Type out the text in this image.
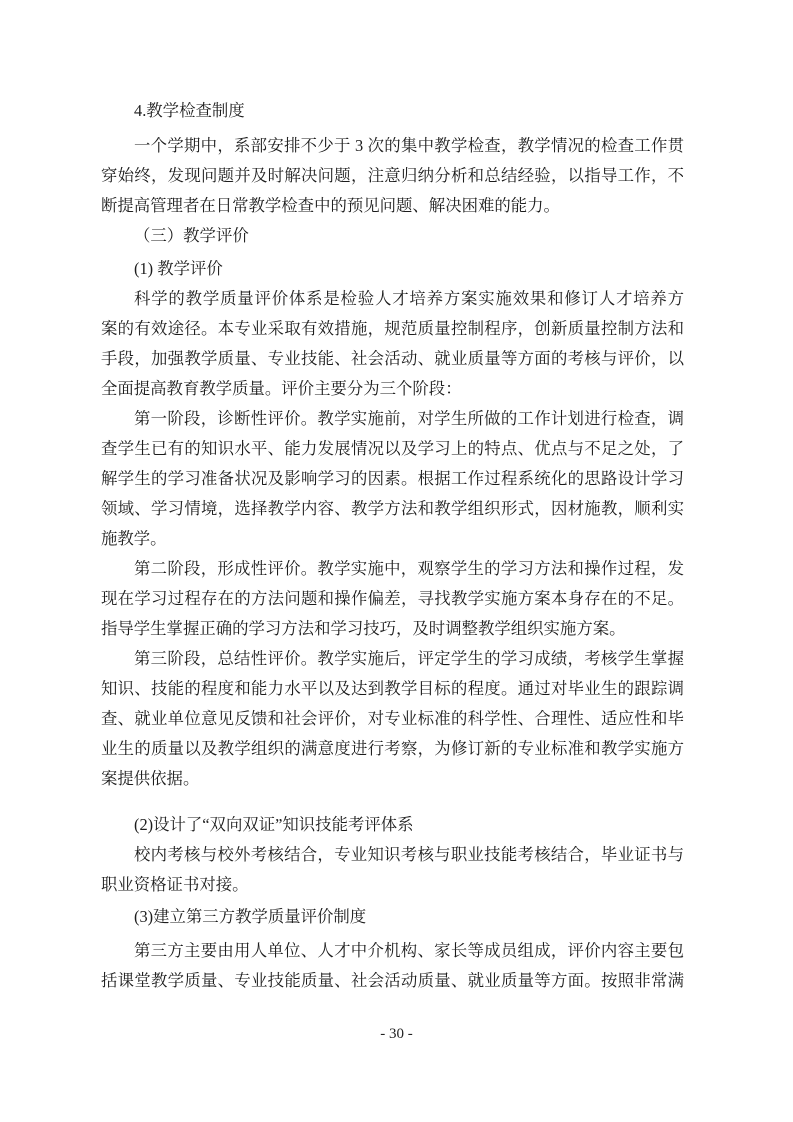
4.教学检查制度
一个学期中，系部安排不少于 3 次的集中教学检查，教学情况的检查工作贯
穿始终，发现问题并及时解决问题，注意归纳分析和总结经验，以指导工作，不
断提高管理者在日常教学检查中的预见问题、解决困难的能力。
（三）教学评价
(1) 教学评价
科学的教学质量评价体系是检验人才培养方案实施效果和修订人才培养方
案的有效途径。本专业采取有效措施，规范质量控制程序，创新质量控制方法和
手段，加强教学质量、专业技能、社会活动、就业质量等方面的考核与评价，以
全面提高教育教学质量。评价主要分为三个阶段：
第一阶段，诊断性评价。教学实施前，对学生所做的工作计划进行检查，调
查学生已有的知识水平、能力发展情况以及学习上的特点、优点与不足之处，了
解学生的学习准备状况及影响学习的因素。根据工作过程系统化的思路设计学习
领域、学习情境，选择教学内容、教学方法和教学组织形式，因材施教，顺利实
施教学。
第二阶段，形成性评价。教学实施中，观察学生的学习方法和操作过程，发
现在学习过程存在的方法问题和操作偏差，寻找教学实施方案本身存在的不足。
指导学生掌握正确的学习方法和学习技巧，及时调整教学组织实施方案。
第三阶段，总结性评价。教学实施后，评定学生的学习成绩，考核学生掌握
知识、技能的程度和能力水平以及达到教学目标的程度。通过对毕业生的跟踪调
查、就业单位意见反馈和社会评价，对专业标准的科学性、合理性、适应性和毕
业生的质量以及教学组织的满意度进行考察，为修订新的专业标准和教学实施方
案提供依据。
(2)设计了“双向双证”知识技能考评体系
校内考核与校外考核结合，专业知识考核与职业技能考核结合，毕业证书与
职业资格证书对接。
(3)建立第三方教学质量评价制度
第三方主要由用人单位、人才中介机构、家长等成员组成，评价内容主要包
括课堂教学质量、专业技能质量、社会活动质量、就业质量等方面。按照非常满
- 30 -
